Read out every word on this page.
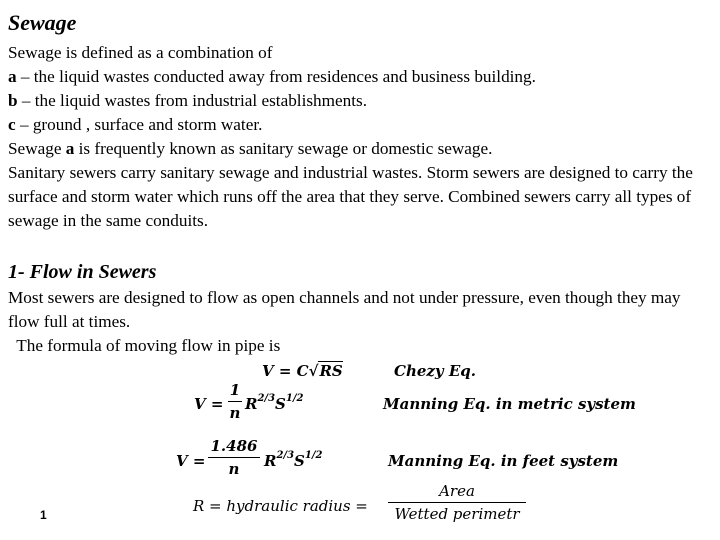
Sewage

Sewage is defined as a combination of

a – the liquid wastes conducted away from residences and business building.

b – the liquid wastes from industrial establishments.

c – ground , surface and storm water.

Sewage a is frequently known as sanitary sewage or domestic sewage.

Sanitary sewers carry sanitary sewage and industrial wastes. Storm sewers are designed to carry the surface and storm water which runs off the area that they serve. Combined sewers carry all types of sewage in the same conduits.

1- Flow in Sewers

Most sewers are designed to flow as open channels and not under pressure, even though they may flow full at times.

The formula of moving flow in pipe is

V = C√RS	Chezy Eq.
V =
1
n $R^{2/3}S^{1/2}$	Manning Eq. in metric system
V =
1.486
n	$R^{2/3}S^{1/2}$	Manning Eq. in feet system
R = hydraulic radius =
Area
Wetted perimetr
1
